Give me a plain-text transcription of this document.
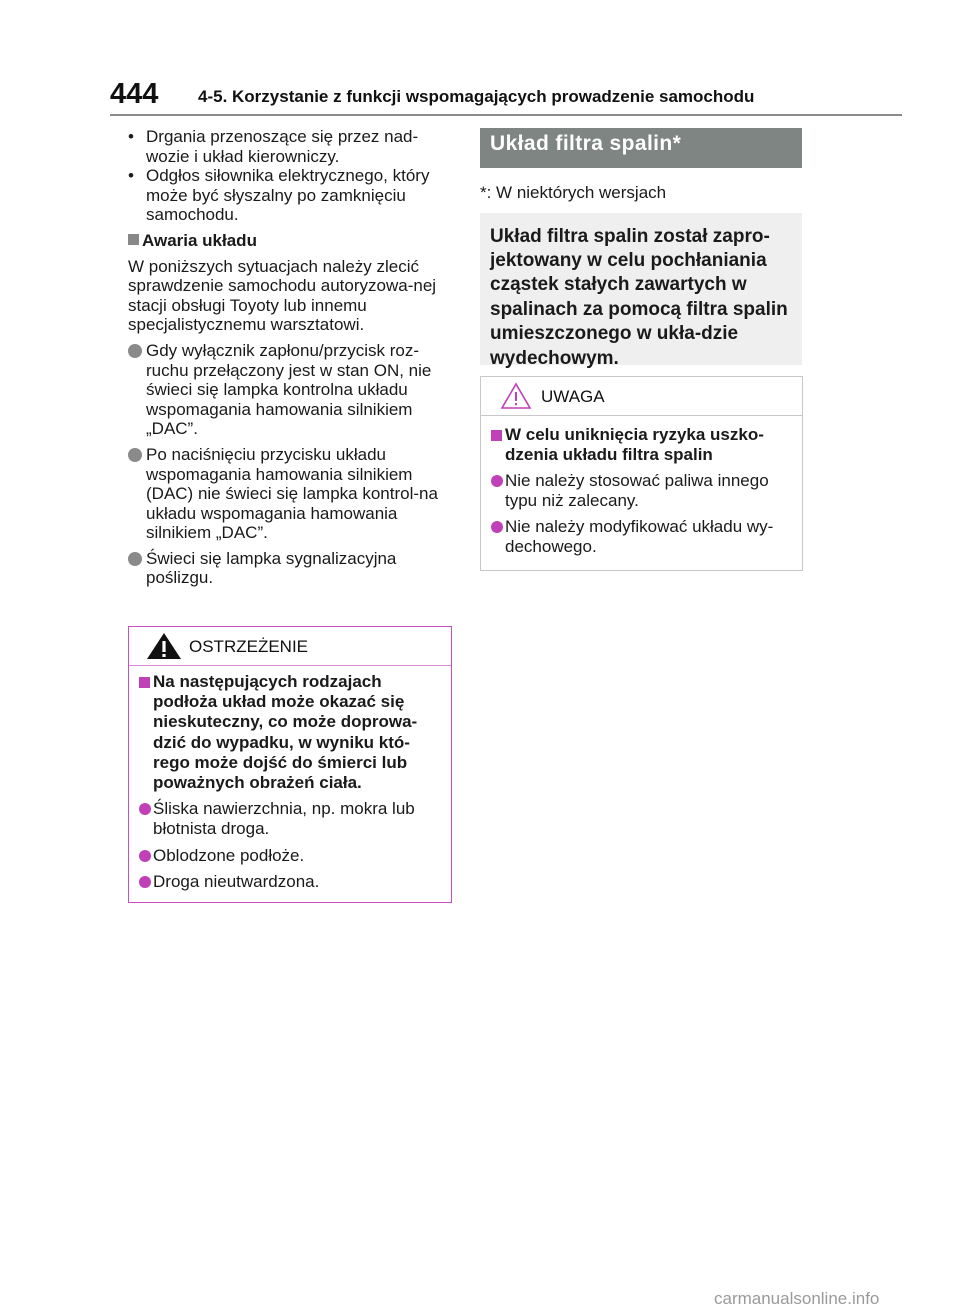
444 4-5. Korzystanie z funkcji wspomagających prowadzenie samochodu
• Drgania przenoszące się przez nad-wozie i układ kierowniczy.
• Odgłos siłownika elektrycznego, który może być słyszalny po zamknięciu samochodu.
Awaria układu
W poniższych sytuacjach należy zlecić sprawdzenie samochodu autoryzowa-nej stacji obsługi Toyoty lub innemu specjalistycznemu warsztatowi.
Gdy wyłącznik zapłonu/przycisk roz-ruchu przełączony jest w stan ON, nie świeci się lampka kontrolna układu wspomagania hamowania silnikiem „DAC”.
Po naciśnięciu przycisku układu wspomagania hamowania silnikiem (DAC) nie świeci się lampka kontrol-na układu wspomagania hamowania silnikiem „DAC”.
Świeci się lampka sygnalizacyjna poślizgu.
OSTRZEŻENIE
Na następujących rodzajach podłoża układ może okazać się nieskuteczny, co może doprowa-dzić do wypadku, w wyniku któ-rego może dojść do śmierci lub poważnych obrażeń ciała.
Śliska nawierzchnia, np. mokra lub błotnista droga.
Oblodzone podłoże.
Droga nieutwardzona.
Układ filtra spalin*
*: W niektórych wersjach
Układ filtra spalin został zapro-jektowany w celu pochłaniania cząstek stałych zawartych w spalinach za pomocą filtra spalin umieszczonego w ukła-dzie wydechowym.
UWAGA
W celu uniknięcia ryzyka uszko-dzenia układu filtra spalin
Nie należy stosować paliwa innego typu niż zalecany.
Nie należy modyfikować układu wy-dechowego.
carmanualsonline.info
